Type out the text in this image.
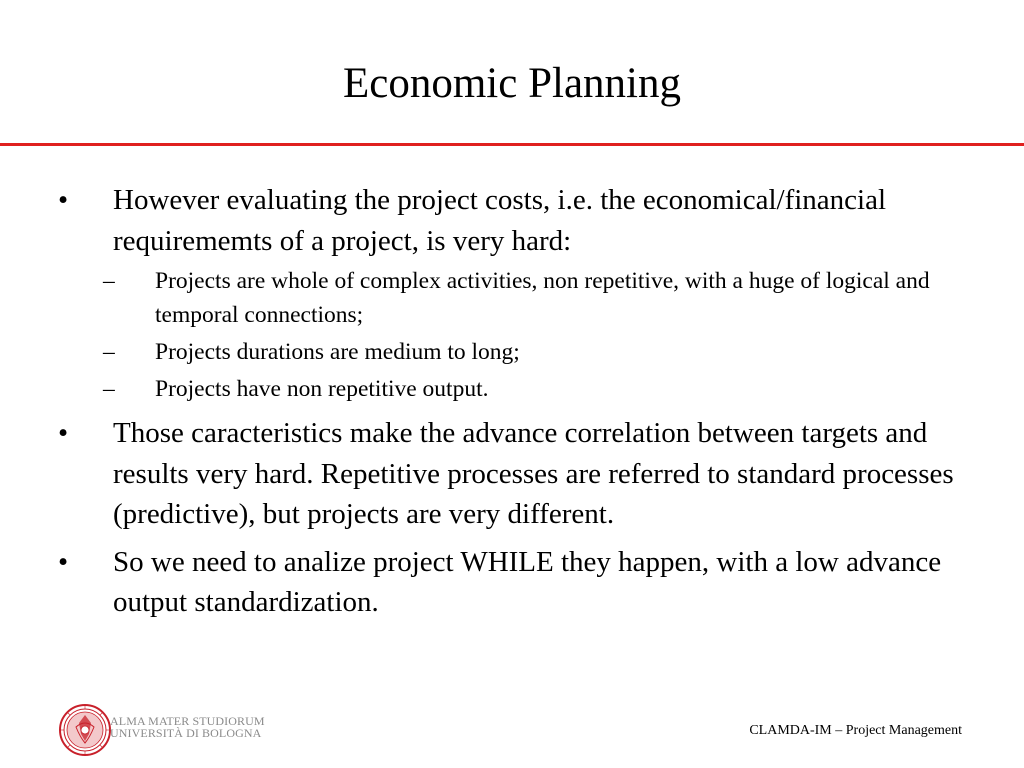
Economic Planning
•	However evaluating the project costs, i.e. the economical/financial requirememts of a project, is very hard:
–	Projects are whole of complex activities, non repetitive, with a huge of logical and temporal connections;
–	Projects durations are medium to long;
–	Projects have non repetitive output.
•	Those caracteristics make the advance correlation between targets and results very hard. Repetitive processes are referred to standard processes (predictive), but projects are very different.
•	So we need to analize project WHILE they happen, with a low advance output standardization.
ALMA MATER STUDIORUM
UNIVERSITÀ DI BOLOGNA	CLAMDA-IM – Project Management
